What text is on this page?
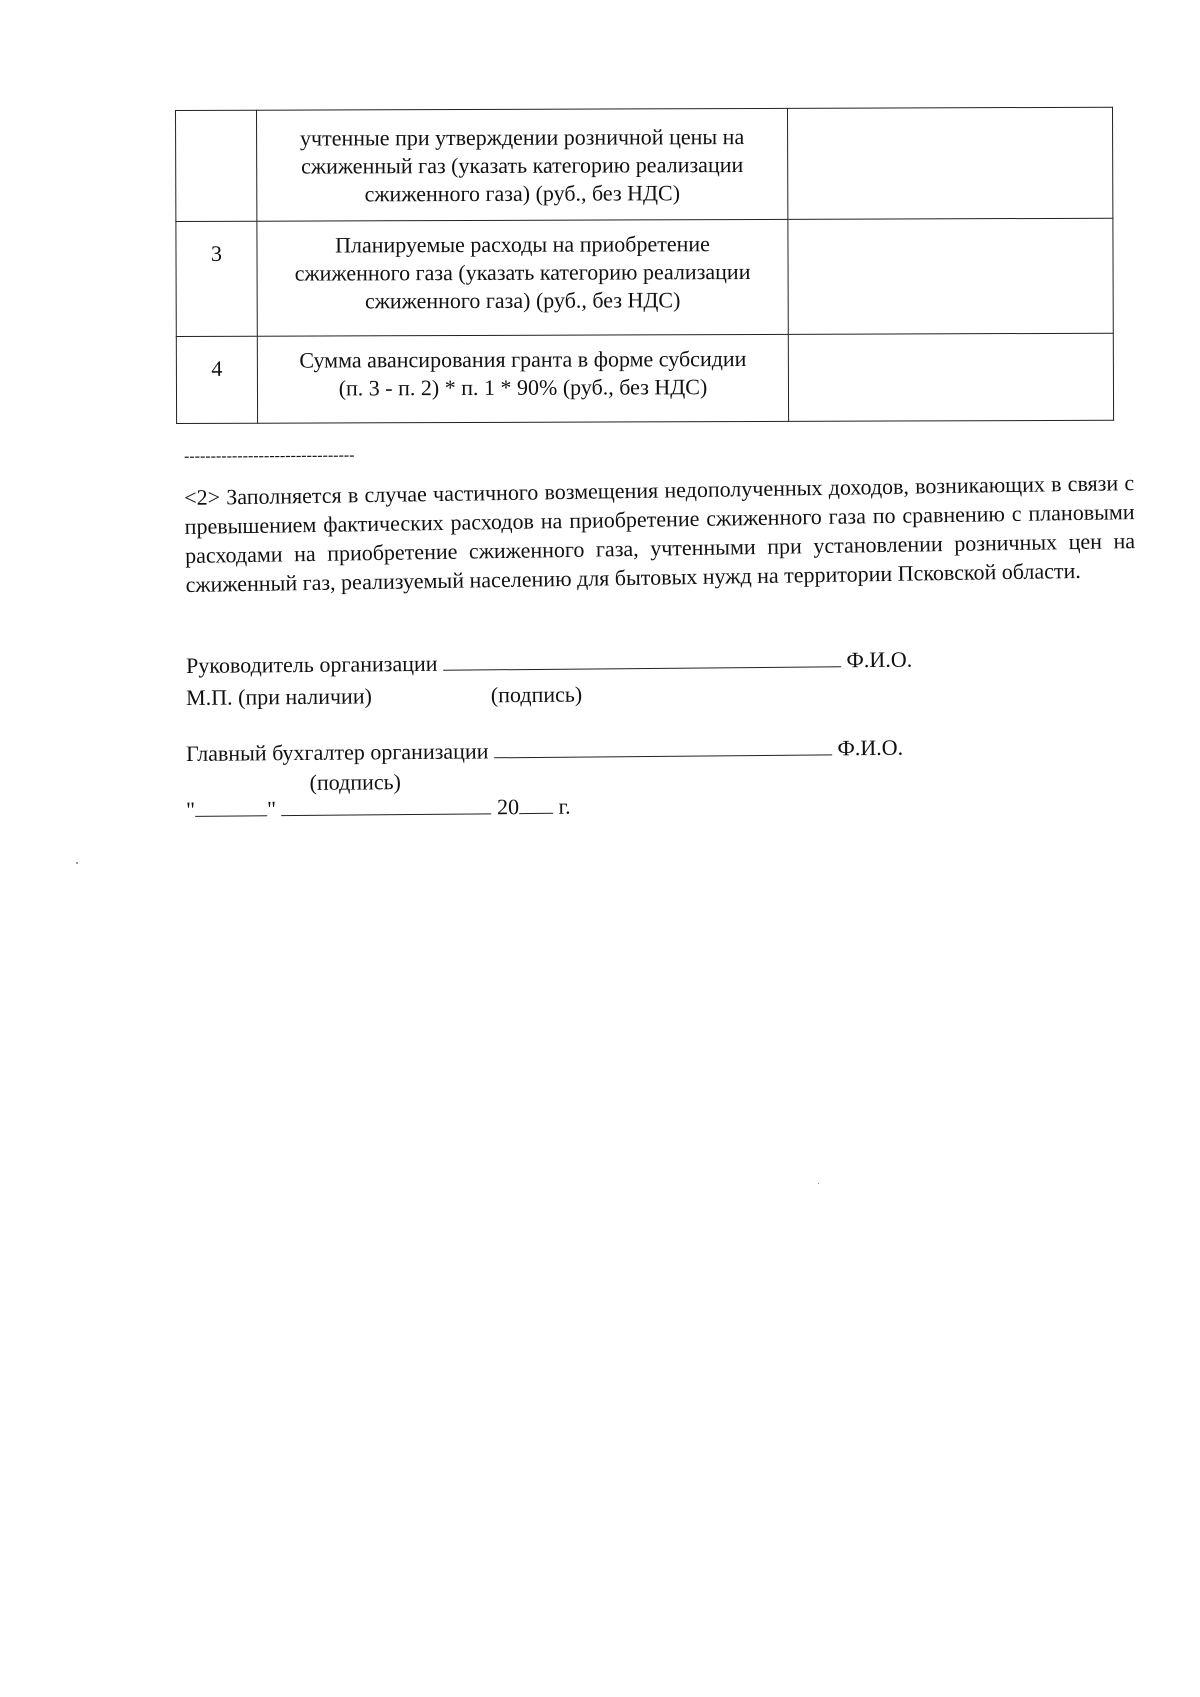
	учтенные при утверждении розничной цены на
сжиженный газ (указать категорию реализации
сжиженного газа) (руб., без НДС)	

3	Планируемые расходы на приобретение
сжиженного газа (указать категорию реализации
сжиженного газа) (руб., без НДС)	

4	Сумма авансирования гранта в форме субсидии
(п. 3 - п. 2) * п. 1 * 90% (руб., без НДС)	

--------------------------------
<2> Заполняется в случае частичного возмещения недополученных доходов, возникающих в связи с превышением фактических расходов на приобретение сжиженного газа по сравнению с плановыми расходами на приобретение сжиженного газа, учтенными при установлении розничных цен на сжиженный газ, реализуемый населению для бытовых нужд на территории Псковской области.
Руководитель организации	Ф.И.О.
М.П. (при наличии)	(подпись)
Главный бухгалтер организации	Ф.И.О.
(подпись)
"	"	20 г.
